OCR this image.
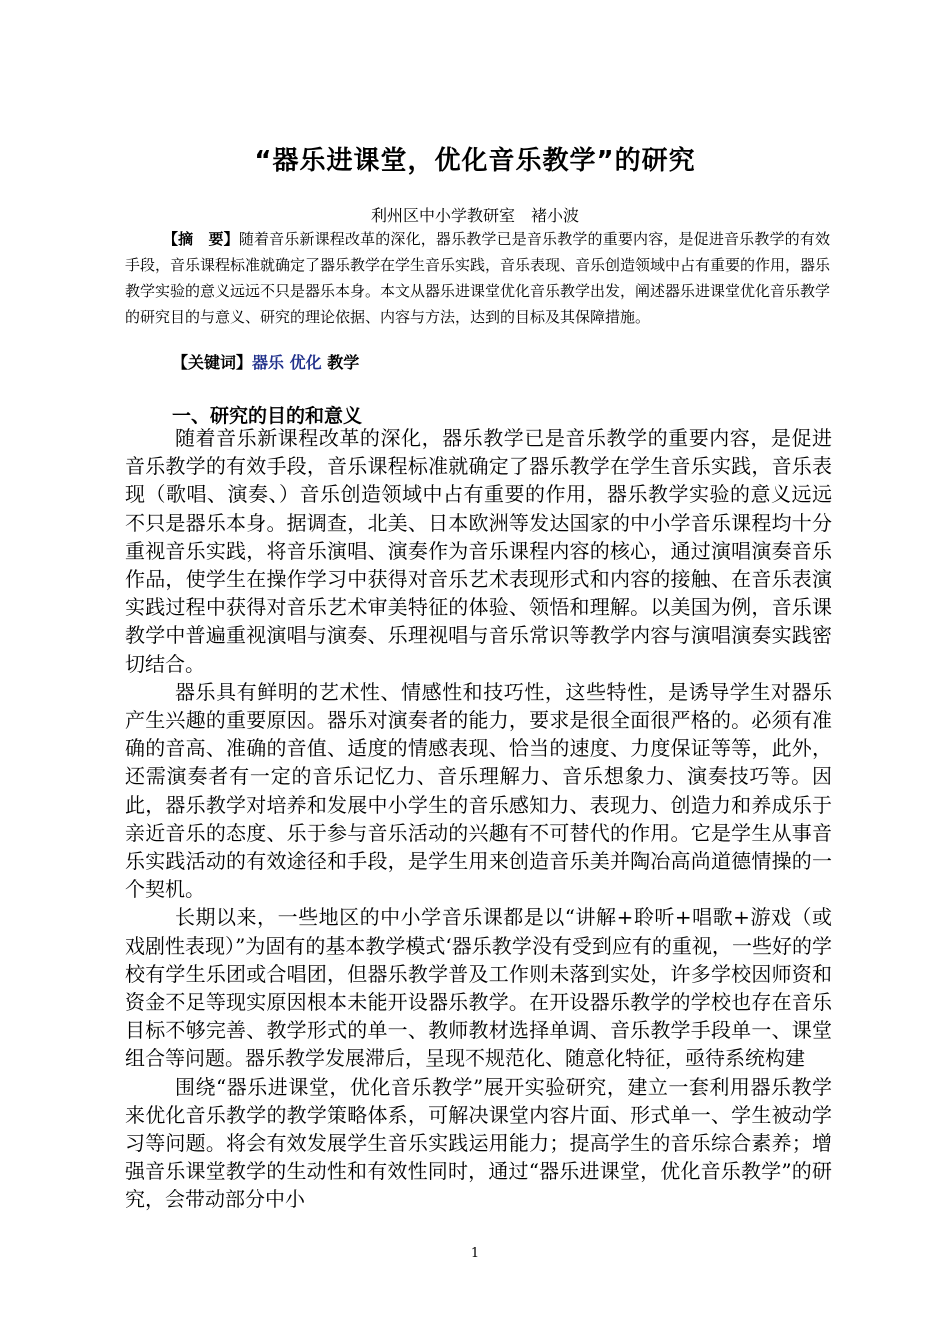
“器乐进课堂，优化音乐教学”的研究
利州区中小学教研室　褚小波

【摘　要】随着音乐新课程改革的深化，器乐教学已是音乐教学的重要内容，是促进音乐教学的有效手段，音乐课程标准就确定了器乐教学在学生音乐实践，音乐表现、音乐创造领域中占有重要的作用，器乐教学实验的意义远远不只是器乐本身。本文从器乐进课堂优化音乐教学出发，阐述器乐进课堂优化音乐教学的研究目的与意义、研究的理论依据、内容与方法，达到的目标及其保障措施。

【关键词】器乐 优化 教学
一、研究的目的和意义

随着音乐新课程改革的深化，器乐教学已是音乐教学的重要内容，是促进音乐教学的有效手段，音乐课程标准就确定了器乐教学在学生音乐实践，音乐表现（歌唱、演奏、）音乐创造领域中占有重要的作用，器乐教学实验的意义远远不只是器乐本身。据调查，北美、日本欧洲等发达国家的中小学音乐课程均十分重视音乐实践，将音乐演唱、演奏作为音乐课程内容的核心，通过演唱演奏音乐作品，使学生在操作学习中获得对音乐艺术表现形式和内容的接触、在音乐表演实践过程中获得对音乐艺术审美特征的体验、领悟和理解。以美国为例，音乐课教学中普遍重视演唱与演奏、乐理视唱与音乐常识等教学内容与演唱演奏实践密切结合。

器乐具有鲜明的艺术性、情感性和技巧性，这些特性，是诱导学生对器乐产生兴趣的重要原因。器乐对演奏者的能力，要求是很全面很严格的。必须有准确的音高、准确的音值、适度的情感表现、恰当的速度、力度保证等等，此外，还需演奏者有一定的音乐记忆力、音乐理解力、音乐想象力、演奏技巧等。因此，器乐教学对培养和发展中小学生的音乐感知力、表现力、创造力和养成乐于亲近音乐的态度、乐于参与音乐活动的兴趣有不可替代的作用。它是学生从事音乐实践活动的有效途径和手段，是学生用来创造音乐美并陶冶高尚道德情操的一个契机。

长期以来，一些地区的中小学音乐课都是以“讲解+聆听+唱歌+游戏（或戏剧性表现）”为固有的基本教学模式‘器乐教学没有受到应有的重视，一些好的学校有学生乐团或合唱团，但器乐教学普及工作则未落到实处，许多学校因师资和资金不足等现实原因根本未能开设器乐教学。在开设器乐教学的学校也存在音乐目标不够完善、教学形式的单一、教师教材选择单调、音乐教学手段单一、课堂组合等问题。器乐教学发展滞后，呈现不规范化、随意化特征，亟待系统构建

围绕“器乐进课堂，优化音乐教学”展开实验研究，建立一套利用器乐教学来优化音乐教学的教学策略体系，可解决课堂内容片面、形式单一、学生被动学习等问题。将会有效发展学生音乐实践运用能力；提高学生的音乐综合素养；增强音乐课堂教学的生动性和有效性同时，通过“器乐进课堂，优化音乐教学”的研究，会带动部分中小

1
